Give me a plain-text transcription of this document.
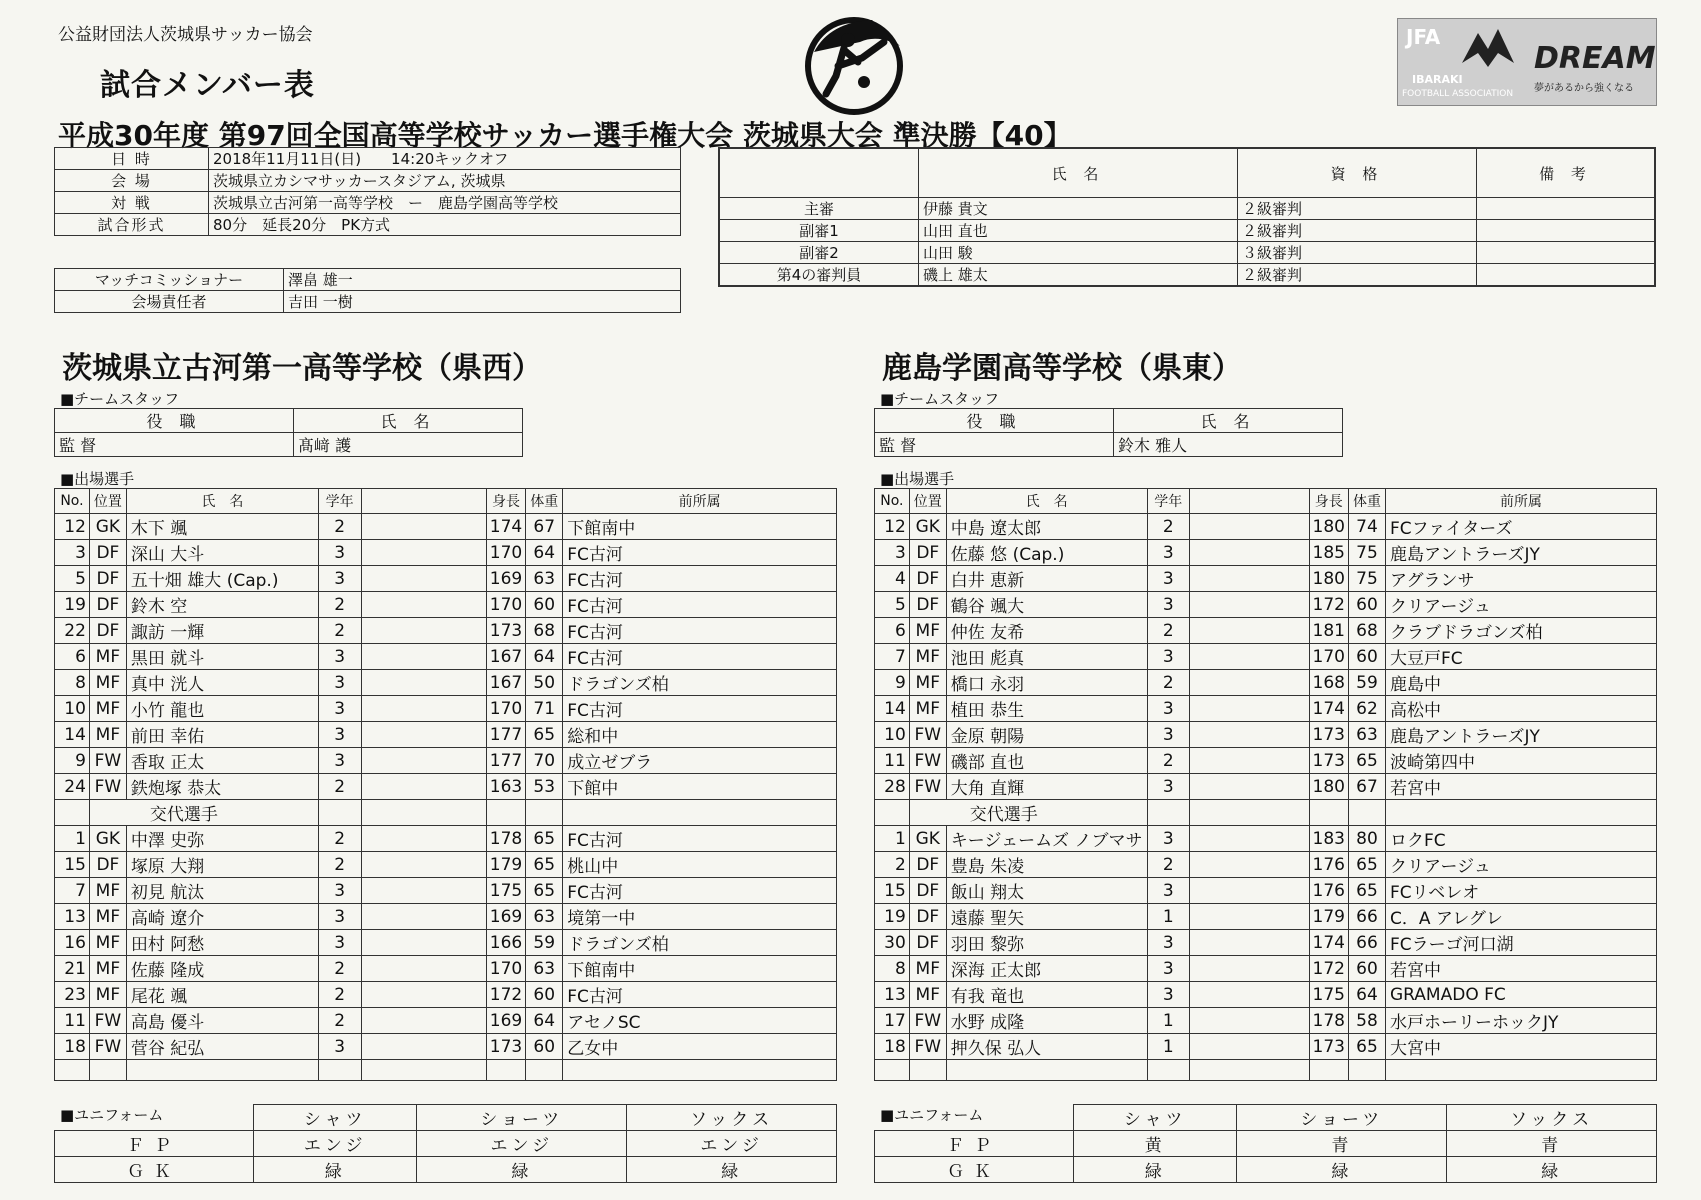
公益財団法人茨城県サッカー協会
試合メンバー表
JFA
IBARAKI
FOOTBALL ASSOCIATION
DREAM
夢があるから強くなる
平成30年度 第97回全国高等学校サッカー選手権大会 茨城県大会 準決勝【40】
日 時	2018年11月11日(日)　　14:20キックオフ
会 場	茨城県立カシマサッカースタジアム, 茨城県
対 戦	茨城県立古河第一高等学校　ー　鹿島学園高等学校
試合形式	80分　延長20分　PK方式
マッチコミッショナー	澤畠 雄一
会場責任者	吉田 一樹
	氏 名	資 格	備 考
主審	伊藤 貴文	２級審判	
副審1	山田 直也	２級審判	
副審2	山田 駿	３級審判	
第4の審判員	磯上 雄太	２級審判	
茨城県立古河第一高等学校（県西）	鹿島学園高等学校（県東）
■チームスタッフ	■チームスタッフ
役 職	氏 名
監 督	髙﨑 護
役 職	氏 名
監 督	鈴木 雅人
■出場選手	■出場選手
No.	位置	氏　名	学年		身長	体重	前所属
12	GK	木下 颯	2		174	67	下館南中
3	DF	深山 大斗	3		170	64	FC古河
5	DF	五十畑 雄大 (Cap.)	3		169	63	FC古河
19	DF	鈴木 空	2		170	60	FC古河
22	DF	諏訪 一輝	2		173	68	FC古河
6	MF	黒田 就斗	3		167	64	FC古河
8	MF	真中 洸人	3		167	50	ドラゴンズ柏
10	MF	小竹 龍也	3		170	71	FC古河
14	MF	前田 幸佑	3		177	65	総和中
9	FW	香取 正太	3		177	70	成立ゼブラ
24	FW	鉄炮塚 恭太	2		163	53	下館中
	交代選手						
1	GK	中澤 史弥	2		178	65	FC古河
15	DF	塚原 大翔	2		179	65	桃山中
7	MF	初見 航汰	3		175	65	FC古河
13	MF	高崎 遼介	3		169	63	境第一中
16	MF	田村 阿愁	3		166	59	ドラゴンズ柏
21	MF	佐藤 隆成	2		170	63	下館南中
23	MF	尾花 颯	2		172	60	FC古河
11	FW	高島 優斗	2		169	64	アセノSC
18	FW	菅谷 紀弘	3		173	60	乙女中

No.	位置	氏　名	学年		身長	体重	前所属
12	GK	中島 遼太郎	2		180	74	FCファイターズ
3	DF	佐藤 悠 (Cap.)	3		185	75	鹿島アントラーズJY
4	DF	白井 恵新	3		180	75	アグランサ
5	DF	鶴谷 颯大	3		172	60	クリアージュ
6	MF	仲佐 友希	2		181	68	クラブドラゴンズ柏
7	MF	池田 彪真	3		170	60	大豆戸FC
9	MF	橋口 永羽	2		168	59	鹿島中
14	MF	植田 恭生	3		174	62	高松中
10	FW	金原 朝陽	3		173	63	鹿島アントラーズJY
11	FW	磯部 直也	2		173	65	波崎第四中
28	FW	大角 直輝	3		180	67	若宮中
	交代選手						
1	GK	キージェームズ ノブマサ	3		183	80	ロクFC
2	DF	豊島 朱凌	2		176	65	クリアージュ
15	DF	飯山 翔太	3		176	65	FCリベレオ
19	DF	遠藤 聖矢	1		179	66	C．A アレグレ
30	DF	羽田 黎弥	3		174	66	FCラーゴ河口湖
8	MF	深海 正太郎	3		172	60	若宮中
13	MF	有我 竜也	3		175	64	GRAMADO FC
17	FW	水野 成隆	1		178	58	水戸ホーリーホックJY
18	FW	押久保 弘人	1		173	65	大宮中

■ユニフォーム	■ユニフォーム
	シャツ	ショーツ	ソックス
ＦＰ	エンジ	エンジ	エンジ
ＧＫ	緑	緑	緑
	シャツ	ショーツ	ソックス
ＦＰ	黄	青	青
ＧＫ	緑	緑	緑
